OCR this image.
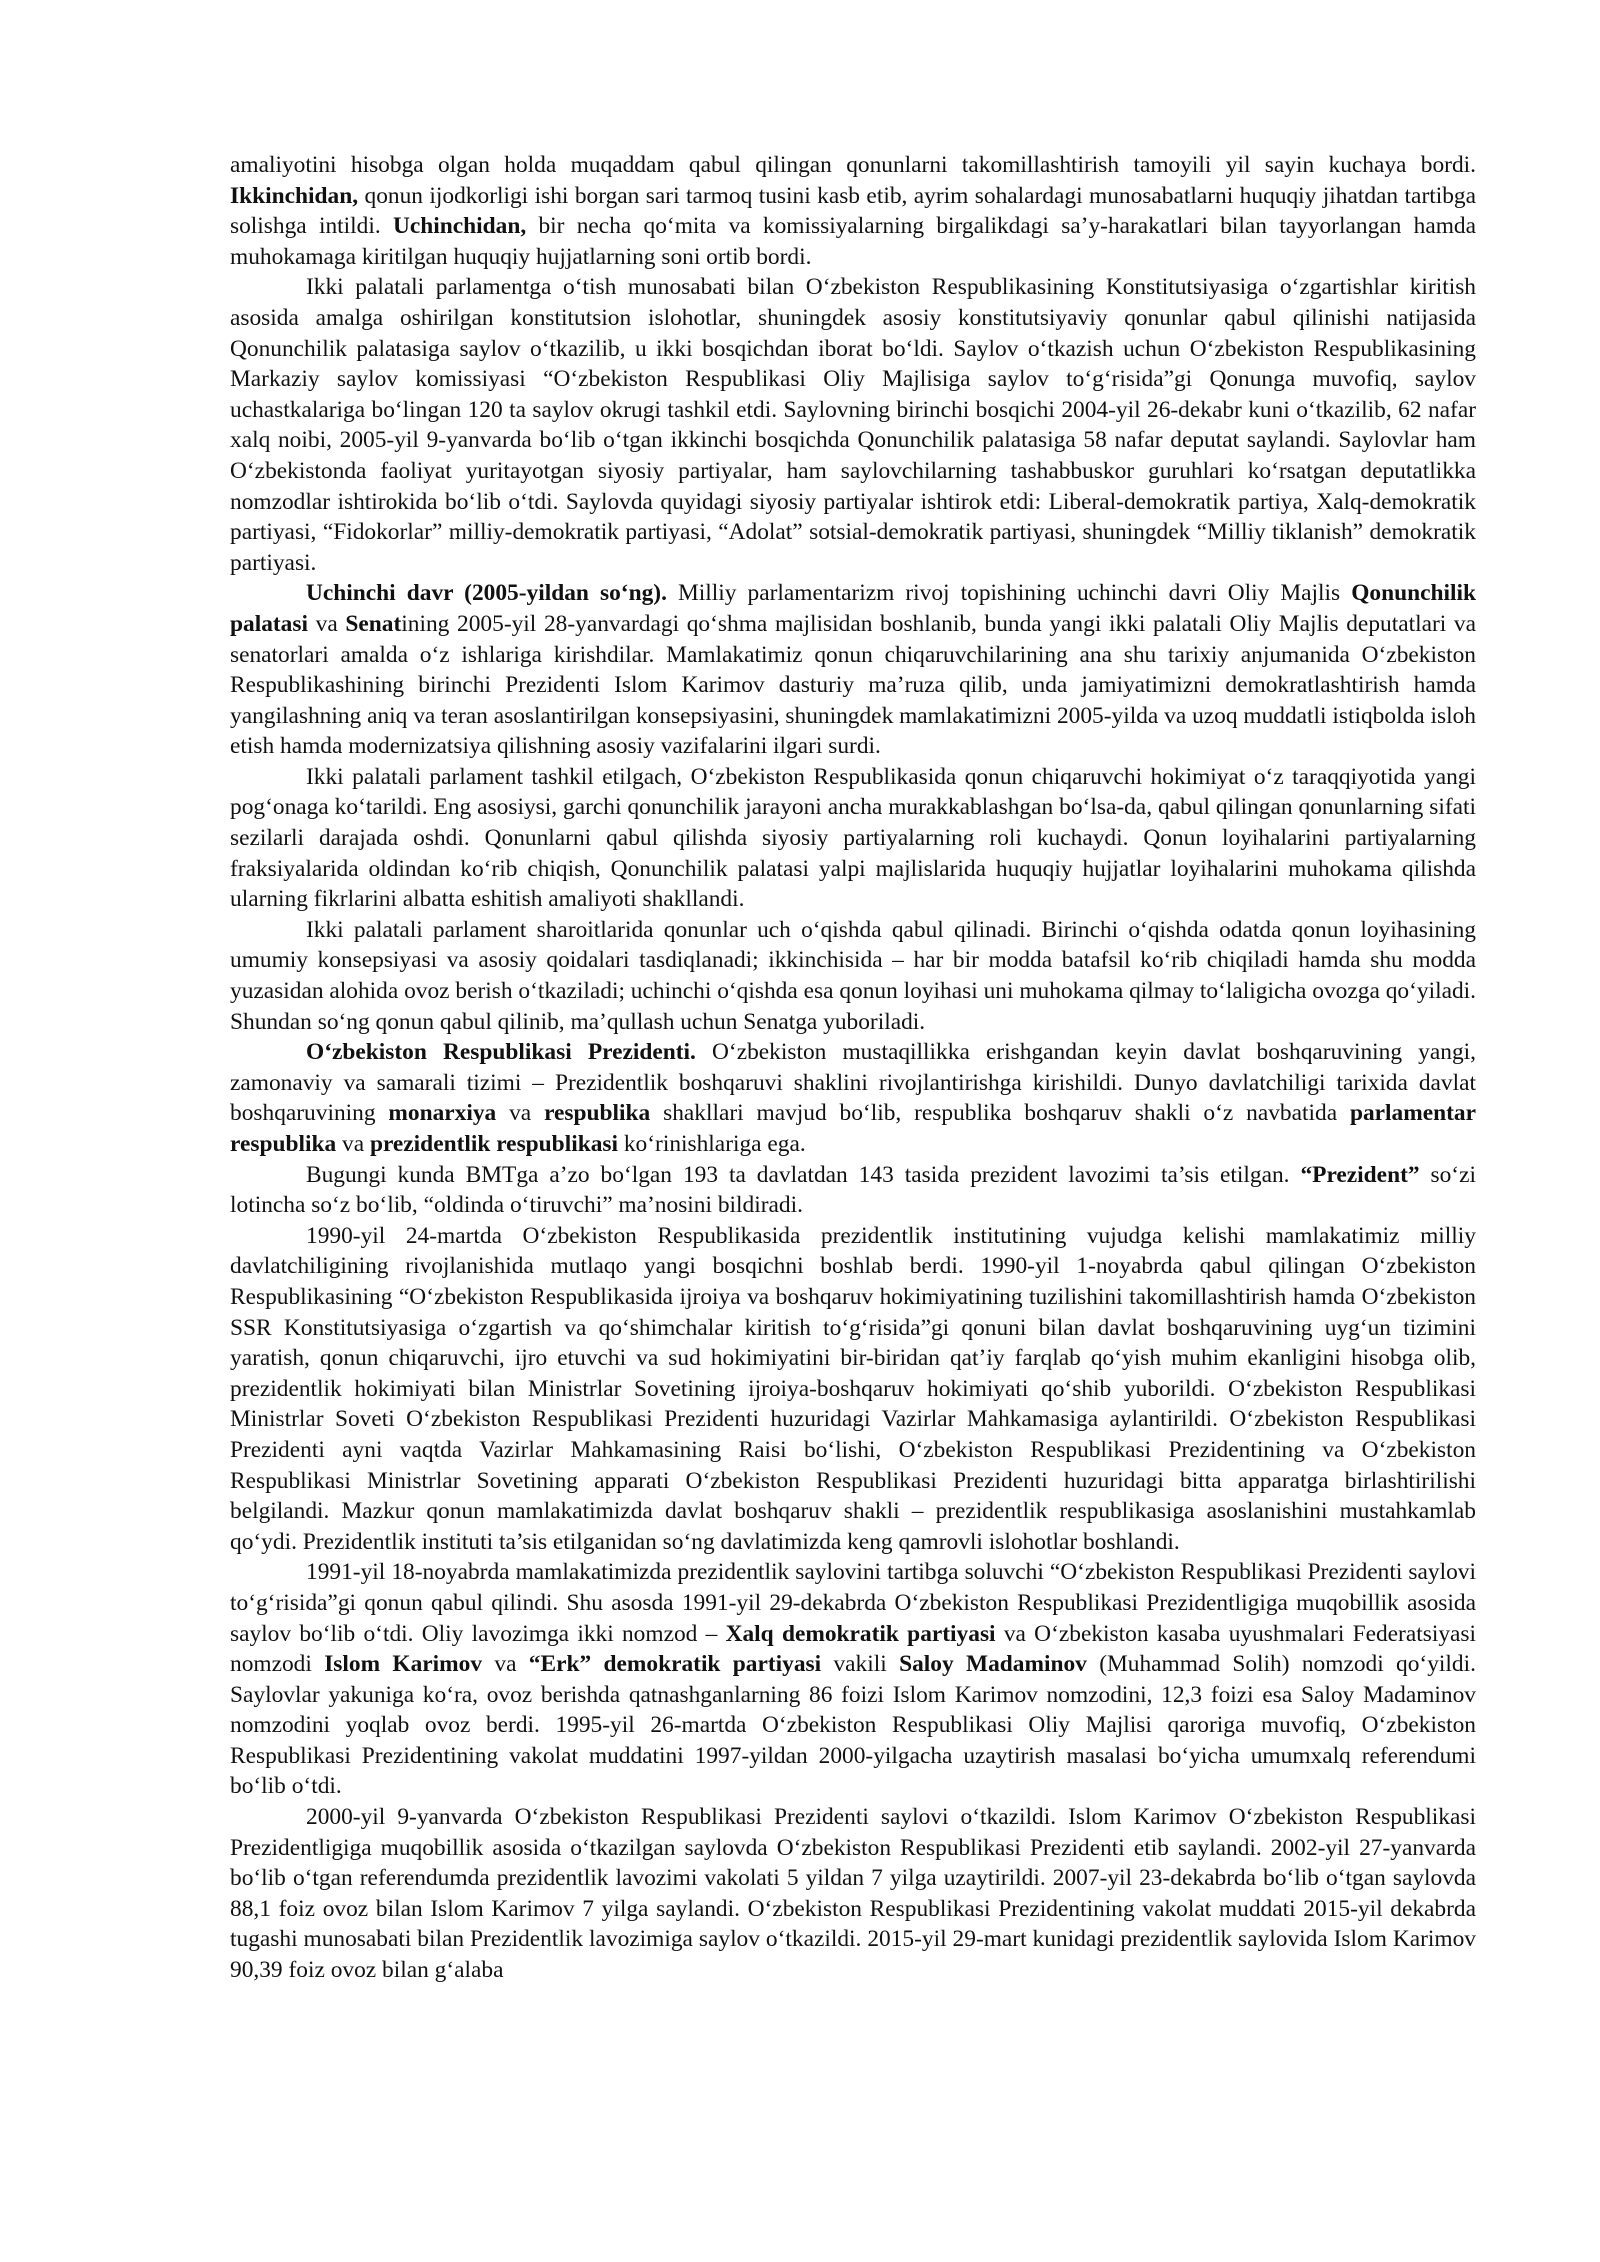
amaliyotini hisobga olgan holda muqaddam qabul qilingan qonunlarni takomillashtirish tamoyili yil sayin kuchaya bordi. Ikkinchidan, qonun ijodkorligi ishi borgan sari tarmoq tusini kasb etib, ayrim sohalardagi munosabatlarni huquqiy jihatdan tartibga solishga intildi. Uchinchidan, bir necha qo‘mita va komissiyalarning birgalikdagi sa’y-harakatlari bilan tayyorlangan hamda muhokamaga kiritilgan huquqiy hujjatlarning soni ortib bordi.

Ikki palatali parlamentga o‘tish munosabati bilan O‘zbekiston Respublikasining Konstitutsiyasiga o‘zgartishlar kiritish asosida amalga oshirilgan konstitutsion islohotlar, shuningdek asosiy konstitutsiyaviy qonunlar qabul qilinishi natijasida Qonunchilik palatasiga saylov o‘tkazilib, u ikki bosqichdan iborat bo‘ldi. Saylov o‘tkazish uchun O‘zbekiston Respublikasining Markaziy saylov komissiyasi “O‘zbekiston Respublikasi Oliy Majlisiga saylov to‘g‘risida”gi Qonunga muvofiq, saylov uchastkalariga bo‘lingan 120 ta saylov okrugi tashkil etdi. Saylovning birinchi bosqichi 2004-yil 26-dekabr kuni o‘tkazilib, 62 nafar xalq noibi, 2005-yil 9-yanvarda bo‘lib o‘tgan ikkinchi bosqichda Qonunchilik palatasiga 58 nafar deputat saylandi. Saylovlar ham O‘zbekistonda faoliyat yuritayotgan siyosiy partiyalar, ham saylovchilarning tashabbuskor guruhlari ko‘rsatgan deputatlikka nomzodlar ishtirokida bo‘lib o‘tdi. Saylovda quyidagi siyosiy partiyalar ishtirok etdi: Liberal-demokratik partiya, Xalq-demokratik partiyasi, “Fidokorlar” milliy-demokratik partiyasi, “Adolat” sotsial-demokratik partiyasi, shuningdek “Milliy tiklanish” demokratik partiyasi.

Uchinchi davr (2005-yildan so‘ng). Milliy parlamentarizm rivoj topishining uchinchi davri Oliy Majlis Qonunchilik palatasi va Senatining 2005-yil 28-yanvardagi qo‘shma majlisidan boshlanib, bunda yangi ikki palatali Oliy Majlis deputatlari va senatorlari amalda o‘z ishlariga kirishdilar. Mamlakatimiz qonun chiqaruvchilarining ana shu tarixiy anjumanida O‘zbekiston Respublikashining birinchi Prezidenti Islom Karimov dasturiy ma’ruza qilib, unda jamiyatimizni demokratlashtirish hamda yangilashning aniq va teran asoslantirilgan konsepsiyasini, shuningdek mamlakatimizni 2005-yilda va uzoq muddatli istiqbolda isloh etish hamda modernizatsiya qilishning asosiy vazifalarini ilgari surdi.

Ikki palatali parlament tashkil etilgach, O‘zbekiston Respublikasida qonun chiqaruvchi hokimiyat o‘z taraqqiyotida yangi pog‘onaga ko‘tarildi. Eng asosiysi, garchi qonunchilik jarayoni ancha murakkablashgan bo‘lsa-da, qabul qilingan qonunlarning sifati sezilarli darajada oshdi. Qonunlarni qabul qilishda siyosiy partiyalarning roli kuchaydi. Qonun loyihalarini partiyalarning fraksiyalarida oldindan ko‘rib chiqish, Qonunchilik palatasi yalpi majlislarida huquqiy hujjatlar loyihalarini muhokama qilishda ularning fikrlarini albatta eshitish amaliyoti shakllandi.

Ikki palatali parlament sharoitlarida qonunlar uch o‘qishda qabul qilinadi. Birinchi o‘qishda odatda qonun loyihasining umumiy konsepsiyasi va asosiy qoidalari tasdiqlanadi; ikkinchisida – har bir modda batafsil ko‘rib chiqiladi hamda shu modda yuzasidan alohida ovoz berish o‘tkaziladi; uchinchi o‘qishda esa qonun loyihasi uni muhokama qilmay to‘laligicha ovozga qo‘yiladi. Shundan so‘ng qonun qabul qilinib, ma’qullash uchun Senatga yuboriladi.

O‘zbekiston Respublikasi Prezidenti. O‘zbekiston mustaqillikka erishgandan keyin davlat boshqaruvining yangi, zamonaviy va samarali tizimi – Prezidentlik boshqaruvi shaklini rivojlantirishga kirishildi. Dunyo davlatchiligi tarixida davlat boshqaruvining monarxiya va respublika shakllari mavjud bo‘lib, respublika boshqaruv shakli o‘z navbatida parlamentar respublika va prezidentlik respublikasi ko‘rinishlariga ega.

Bugungi kunda BMTga a’zo bo‘lgan 193 ta davlatdan 143 tasida prezident lavozimi ta’sis etilgan. “Prezident” so‘zi lotincha so‘z bo‘lib, “oldinda o‘tiruvchi” ma’nosini bildiradi.

1990-yil 24-martda O‘zbekiston Respublikasida prezidentlik institutining vujudga kelishi mamlakatimiz milliy davlatchiligining rivojlanishida mutlaqo yangi bosqichni boshlab berdi. 1990-yil 1-noyabrda qabul qilingan O‘zbekiston Respublikasining “O‘zbekiston Respublikasida ijroiya va boshqaruv hokimiyatining tuzilishini takomillashtirish hamda O‘zbekiston SSR Konstitutsiyasiga o‘zgartish va qo‘shimchalar kiritish to‘g‘risida”gi qonuni bilan davlat boshqaruvining uyg‘un tizimini yaratish, qonun chiqaruvchi, ijro etuvchi va sud hokimiyatini bir-biridan qat’iy farqlab qo‘yish muhim ekanligini hisobga olib, prezidentlik hokimiyati bilan Ministrlar Sovetining ijroiya-boshqaruv hokimiyati qo‘shib yuborildi. O‘zbekiston Respublikasi Ministrlar Soveti O‘zbekiston Respublikasi Prezidenti huzuridagi Vazirlar Mahkamasiga aylantirildi. O‘zbekiston Respublikasi Prezidenti ayni vaqtda Vazirlar Mahkamasining Raisi bo‘lishi, O‘zbekiston Respublikasi Prezidentining va O‘zbekiston Respublikasi Ministrlar Sovetining apparati O‘zbekiston Respublikasi Prezidenti huzuridagi bitta apparatga birlashtirilishi belgilandi. Mazkur qonun mamlakatimizda davlat boshqaruv shakli – prezidentlik respublikasiga asoslanishini mustahkamlab qo‘ydi. Prezidentlik instituti ta’sis etilganidan so‘ng davlatimizda keng qamrovli islohotlar boshlandi.

1991-yil 18-noyabrda mamlakatimizda prezidentlik saylovini tartibga soluvchi “O‘zbekiston Respublikasi Prezidenti saylovi to‘g‘risida”gi qonun qabul qilindi. Shu asosda 1991-yil 29-dekabrda O‘zbekiston Respublikasi Prezidentligiga muqobillik asosida saylov bo‘lib o‘tdi. Oliy lavozimga ikki nomzod – Xalq demokratik partiyasi va O‘zbekiston kasaba uyushmalari Federatsiyasi nomzodi Islom Karimov va “Erk” demokratik partiyasi vakili Saloy Madaminov (Muhammad Solih) nomzodi qo‘yildi. Saylovlar yakuniga ko‘ra, ovoz berishda qatnashganlarning 86 foizi Islom Karimov nomzodini, 12,3 foizi esa Saloy Madaminov nomzodini yoqlab ovoz berdi. 1995-yil 26-martda O‘zbekiston Respublikasi Oliy Majlisi qaroriga muvofiq, O‘zbekiston Respublikasi Prezidentining vakolat muddatini 1997-yildan 2000-yilgacha uzaytirish masalasi bo‘yicha umumxalq referendumi bo‘lib o‘tdi.

2000-yil 9-yanvarda O‘zbekiston Respublikasi Prezidenti saylovi o‘tkazildi. Islom Karimov O‘zbekiston Respublikasi Prezidentligiga muqobillik asosida o‘tkazilgan saylovda O‘zbekiston Respublikasi Prezidenti etib saylandi. 2002-yil 27-yanvarda bo‘lib o‘tgan referendumda prezidentlik lavozimi vakolati 5 yildan 7 yilga uzaytirildi. 2007-yil 23-dekabrda bo‘lib o‘tgan saylovda 88,1 foiz ovoz bilan Islom Karimov 7 yilga saylandi. O‘zbekiston Respublikasi Prezidentining vakolat muddati 2015-yil dekabrda tugashi munosabati bilan Prezidentlik lavozimiga saylov o‘tkazildi. 2015-yil 29-mart kunidagi prezidentlik saylovida Islom Karimov 90,39 foiz ovoz bilan g‘alaba
